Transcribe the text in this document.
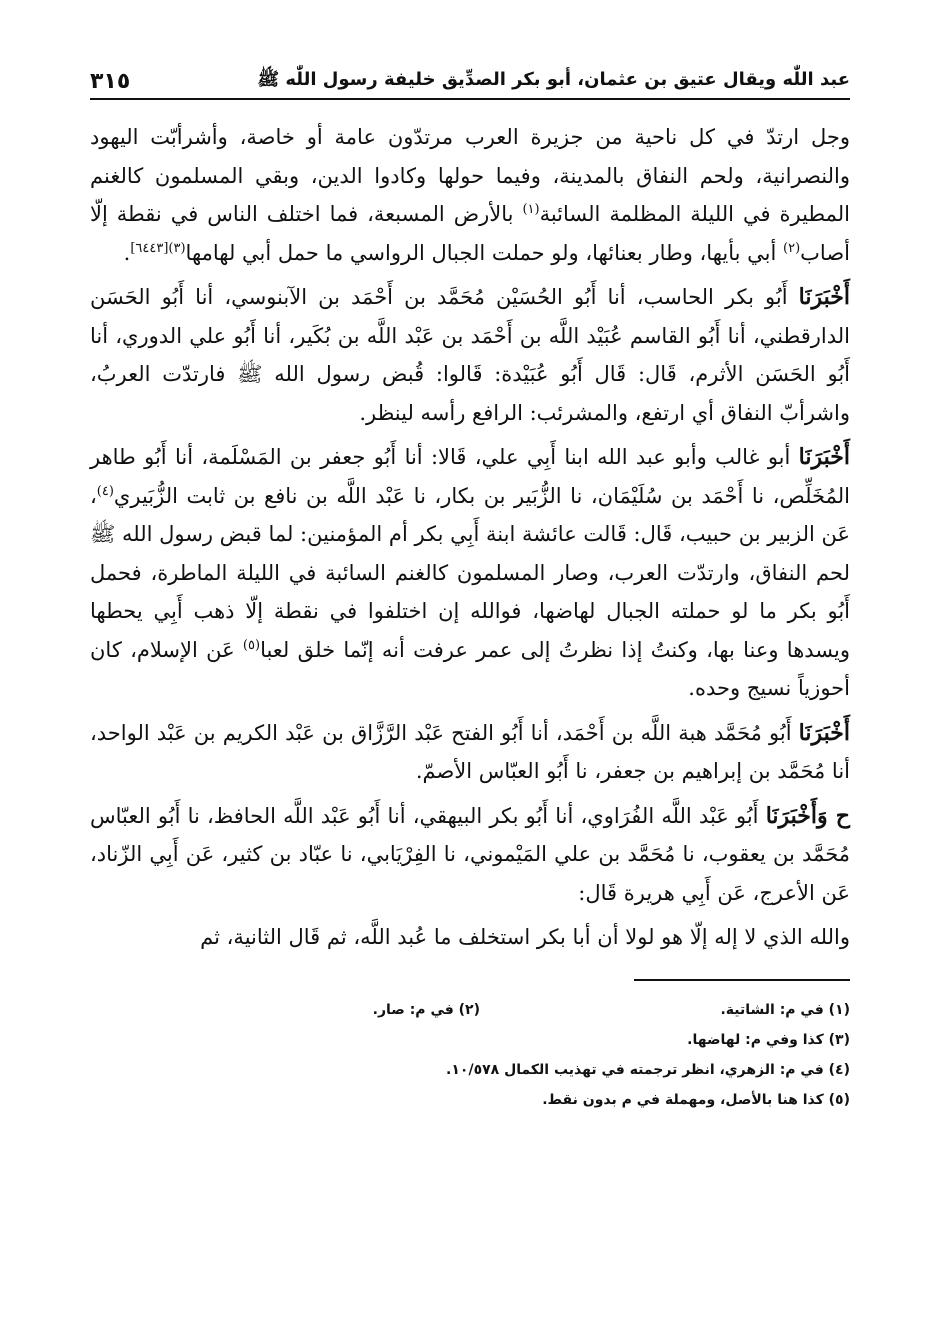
عبد اللّٰه ويقال عتيق بن عثمان، أبو بكر الصدِّيق خليفة رسول اللّٰه ﷺ
٣١٥

وجل ارتدّ في كل ناحية من جزيرة العرب مرتدّون عامة أو خاصة، وأشرأبّت اليهود والنصرانية، ولحم النفاق بالمدينة، وفيما حولها وكادوا الدين، وبقي المسلمون كالغنم المطيرة في الليلة المظلمة السائبة$^{(١)}$ بالأرض المسبعة، فما اختلف الناس في نقطة إلّا أصاب$^{(٢)}$ أبي بأيها، وطار بعنائها، ولو حملت الجبال الرواسي ما حمل أبي لهامها$^{(٣)[٦٤٤٣]}$.

أَخْبَرَنَا أَبُو بكر الحاسب، أنا أَبُو الحُسَيْن مُحَمَّد بن أَحْمَد بن الآبنوسي، أنا أَبُو الحَسَن الدارقطني، أنا أَبُو القاسم عُبَيْد اللَّه بن أَحْمَد بن عَبْد اللَّه بن بُكَير، أنا أَبُو علي الدوري، أنا أَبُو الحَسَن الأثرم، قَال: قَال أَبُو عُبَيْدة: قَالوا: قُبض رسول الله ﷺ فارتدّت العربُ، واشرأبّ النفاق أي ارتفع، والمشرئب: الرافع رأسه لينظر.

أَخْبَرَنَا أبو غالب وأبو عبد الله ابنا أَبِي علي، قَالا: أنا أَبُو جعفر بن المَسْلَمة، أنا أَبُو طاهر المُخَلِّص، نا أَحْمَد بن سُلَيْمَان، نا الزُّبَير بن بكار، نا عَبْد اللَّه بن نافع بن ثابت الزُّبَيري$^{(٤)}$، عَن الزبير بن حبيب، قَال: قَالت عائشة ابنة أَبِي بكر أم المؤمنين: لما قبض رسول الله ﷺ لحم النفاق، وارتدّت العرب، وصار المسلمون كالغنم السائبة في الليلة الماطرة، فحمل أَبُو بكر ما لو حملته الجبال لهاضها، فوالله إن اختلفوا في نقطة إلّا ذهب أَبِي يحطها ويسدها وعنا بها، وكنتُ إذا نظرتُ إلى عمر عرفت أنه إنّما خلق لعبا$^{(٥)}$ عَن الإسلام، كان أحوزياً نسيج وحده.

أَخْبَرَنَا أَبُو مُحَمَّد هبة اللَّه بن أَحْمَد، أنا أَبُو الفتح عَبْد الرَّزَّاق بن عَبْد الكريم بن عَبْد الواحد، أنا مُحَمَّد بن إبراهيم بن جعفر، نا أَبُو العبّاس الأصمّ.

ح وَأَخْبَرَنَا أَبُو عَبْد اللَّه الفُرَاوي، أنا أَبُو بكر البيهقي، أنا أَبُو عَبْد اللَّه الحافظ، نا أَبُو العبّاس مُحَمَّد بن يعقوب، نا مُحَمَّد بن علي المَيْموني، نا الفِرْيَابي، نا عبّاد بن كثير، عَن أَبِي الزّناد، عَن الأعرج، عَن أَبِي هريرة قَال:

والله الذي لا إله إلّا هو لولا أن أبا بكر استخلف ما عُبد اللَّه، ثم قَال الثانية، ثم

(١) في م: الشاتية.
(٢) في م: صار.
(٣) كذا وفي م: لهاضها.
(٤) في م: الزهري، انظر ترجمته في تهذيب الكمال ١٠/٥٧٨.
(٥) كذا هنا بالأصل، ومهملة في م بدون نقط.
